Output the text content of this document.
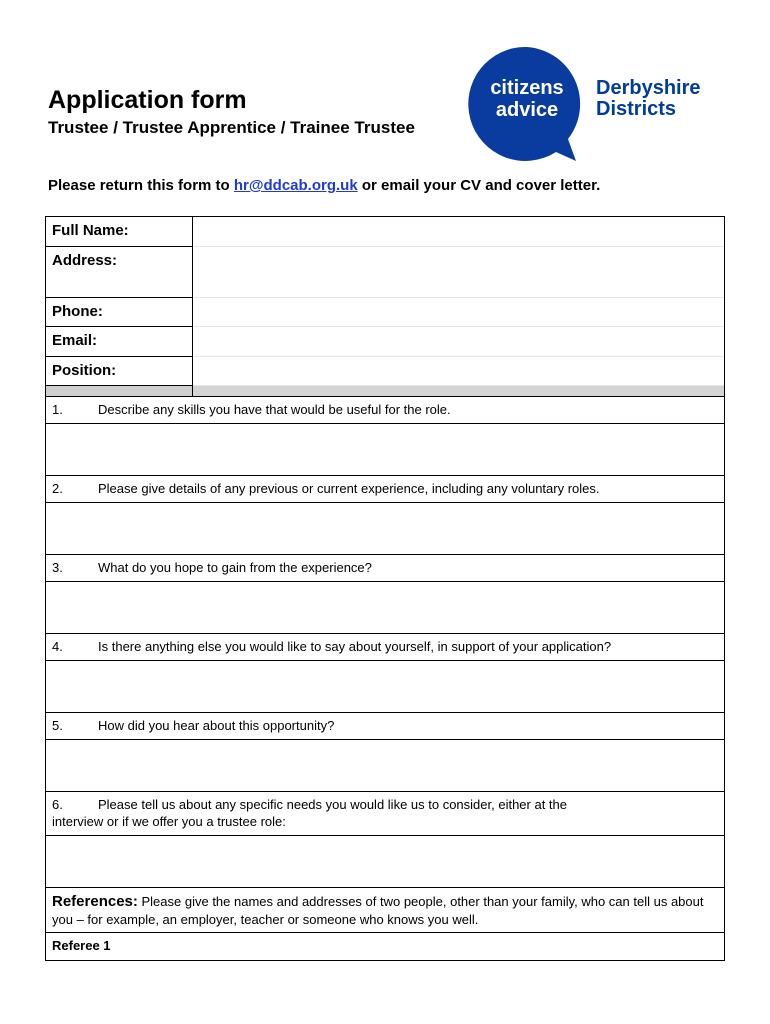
Application form
Trustee / Trustee Apprentice / Trainee Trustee
Please return this form to hr@ddcab.org.uk or email your CV and cover letter.
citizens
advice
Derbyshire
Districts
Full Name:
Address:
Phone:
Email:
Position:
1.	Describe any skills you have that would be useful for the role.
2.	Please give details of any previous or current experience, including any voluntary roles.
3.	What do you hope to gain from the experience?
4.	Is there anything else you would like to say about yourself, in support of your application?
5.	How did you hear about this opportunity?
6.	Please tell us about any specific needs you would like us to consider, either at the
interview or if we offer you a trustee role:
References: Please give the names and addresses of two people, other than your family, who can tell us about you – for example, an employer, teacher or someone who knows you well.
Referee 1
